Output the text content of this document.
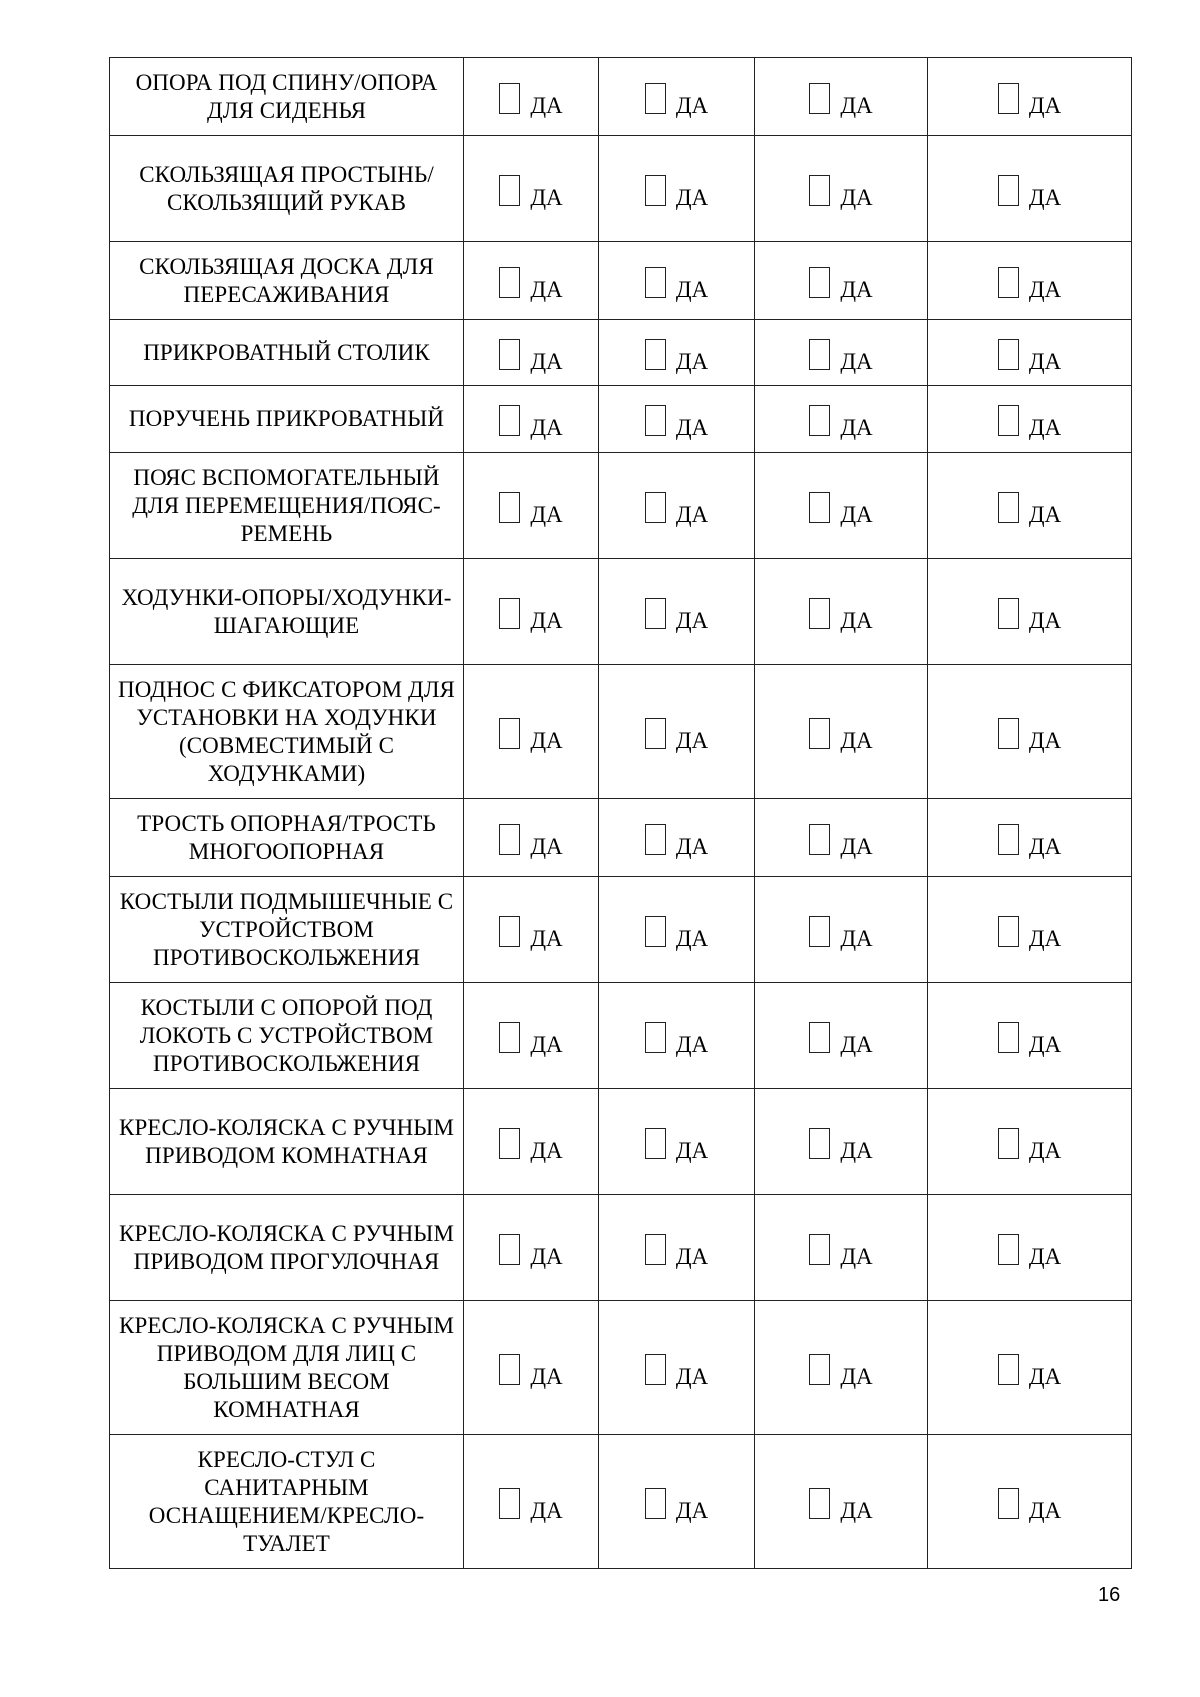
ОПОРА ПОД СПИНУ/ОПОРА ДЛЯ СИДЕНЬЯ	ДА	ДА	ДА	ДА

СКОЛЬЗЯЩАЯ ПРОСТЫНЬ/СКОЛЬЗЯЩИЙ РУКАВ	ДА	ДА	ДА	ДА

СКОЛЬЗЯЩАЯ ДОСКА ДЛЯ ПЕРЕСАЖИВАНИЯ	ДА	ДА	ДА	ДА

ПРИКРОВАТНЫЙ СТОЛИК	ДА	ДА	ДА	ДА

ПОРУЧЕНЬ ПРИКРОВАТНЫЙ	ДА	ДА	ДА	ДА

ПОЯС ВСПОМОГАТЕЛЬНЫЙ ДЛЯ ПЕРЕМЕЩЕНИЯ/ПОЯС-РЕМЕНЬ	ДА	ДА	ДА	ДА

ХОДУНКИ-ОПОРЫ/ХОДУНКИ-ШАГАЮЩИЕ	ДА	ДА	ДА	ДА

ПОДНОС С ФИКСАТОРОМ ДЛЯ УСТАНОВКИ НА ХОДУНКИ (СОВМЕСТИМЫЙ С ХОДУНКАМИ)	ДА	ДА	ДА	ДА

ТРОСТЬ ОПОРНАЯ/ТРОСТЬ МНОГООПОРНАЯ	ДА	ДА	ДА	ДА

КОСТЫЛИ ПОДМЫШЕЧНЫЕ С УСТРОЙСТВОМ ПРОТИВОСКОЛЬЖЕНИЯ	ДА	ДА	ДА	ДА

КОСТЫЛИ С ОПОРОЙ ПОД ЛОКОТЬ С УСТРОЙСТВОМ ПРОТИВОСКОЛЬЖЕНИЯ	ДА	ДА	ДА	ДА

КРЕСЛО-КОЛЯСКА С РУЧНЫМ ПРИВОДОМ КОМНАТНАЯ	ДА	ДА	ДА	ДА

КРЕСЛО-КОЛЯСКА С РУЧНЫМ ПРИВОДОМ ПРОГУЛОЧНАЯ	ДА	ДА	ДА	ДА

КРЕСЛО-КОЛЯСКА С РУЧНЫМ ПРИВОДОМ ДЛЯ ЛИЦ С БОЛЬШИМ ВЕСОМ КОМНАТНАЯ	ДА	ДА	ДА	ДА

КРЕСЛО-СТУЛ С САНИТАРНЫМ ОСНАЩЕНИЕМ/КРЕСЛО-ТУАЛЕТ	ДА	ДА	ДА	ДА
16
